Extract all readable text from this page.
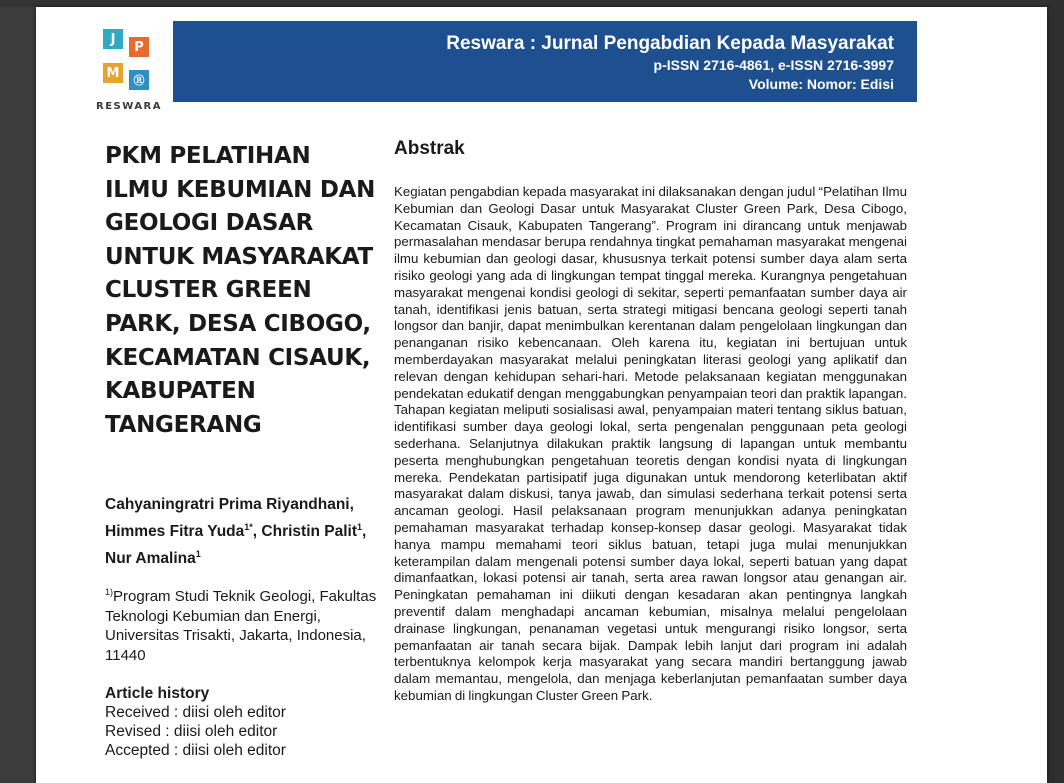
J
P
M	Ⓡ
RESWARA
Reswara : Jurnal Pengabdian Kepada Masyarakat
p-ISSN 2716-4861, e-ISSN 2716-3997
Volume: Nomor: Edisi
PKM PELATIHAN ILMU KEBUMIAN DAN GEOLOGI DASAR UNTUK MASYARAKAT CLUSTER GREEN PARK, DESA CIBOGO, KECAMATAN CISAUK, KABUPATEN TANGERANG
Cahyaningratri Prima Riyandhani, Himmes Fitra Yuda$^{1*}$, Christin Palit$^1$, Nur Amalina$^1$
$^{1)}$Program Studi Teknik Geologi, Fakultas Teknologi Kebumian dan Energi, Universitas Trisakti, Jakarta, Indonesia, 11440
Article history
Received : diisi oleh editor
Revised : diisi oleh editor
Accepted : diisi oleh editor
Abstrak

Kegiatan pengabdian kepada masyarakat ini dilaksanakan dengan judul “Pelatihan Ilmu Kebumian dan Geologi Dasar untuk Masyarakat Cluster Green Park, Desa Cibogo, Kecamatan Cisauk, Kabupaten Tangerang”. Program ini dirancang untuk menjawab permasalahan mendasar berupa rendahnya tingkat pemahaman masyarakat mengenai ilmu kebumian dan geologi dasar, khususnya terkait potensi sumber daya alam serta risiko geologi yang ada di lingkungan tempat tinggal mereka. Kurangnya pengetahuan masyarakat mengenai kondisi geologi di sekitar, seperti pemanfaatan sumber daya air tanah, identifikasi jenis batuan, serta strategi mitigasi bencana geologi seperti tanah longsor dan banjir, dapat menimbulkan kerentanan dalam pengelolaan lingkungan dan penanganan risiko kebencanaan. Oleh karena itu, kegiatan ini bertujuan untuk memberdayakan masyarakat melalui peningkatan literasi geologi yang aplikatif dan relevan dengan kehidupan sehari-hari. Metode pelaksanaan kegiatan menggunakan pendekatan edukatif dengan menggabungkan penyampaian teori dan praktik lapangan. Tahapan kegiatan meliputi sosialisasi awal, penyampaian materi tentang siklus batuan, identifikasi sumber daya geologi lokal, serta pengenalan penggunaan peta geologi sederhana. Selanjutnya dilakukan praktik langsung di lapangan untuk membantu peserta menghubungkan pengetahuan teoretis dengan kondisi nyata di lingkungan mereka. Pendekatan partisipatif juga digunakan untuk mendorong keterlibatan aktif masyarakat dalam diskusi, tanya jawab, dan simulasi sederhana terkait potensi serta ancaman geologi. Hasil pelaksanaan program menunjukkan adanya peningkatan pemahaman masyarakat terhadap konsep-konsep dasar geologi. Masyarakat tidak hanya mampu memahami teori siklus batuan, tetapi juga mulai menunjukkan keterampilan dalam mengenali potensi sumber daya lokal, seperti batuan yang dapat dimanfaatkan, lokasi potensi air tanah, serta area rawan longsor atau genangan air. Peningkatan pemahaman ini diikuti dengan kesadaran akan pentingnya langkah preventif dalam menghadapi ancaman kebumian, misalnya melalui pengelolaan drainase lingkungan, penanaman vegetasi untuk mengurangi risiko longsor, serta pemanfaatan air tanah secara bijak. Dampak lebih lanjut dari program ini adalah terbentuknya kelompok kerja masyarakat yang secara mandiri bertanggung jawab dalam memantau, mengelola, dan menjaga keberlanjutan pemanfaatan sumber daya kebumian di lingkungan Cluster Green Park.
